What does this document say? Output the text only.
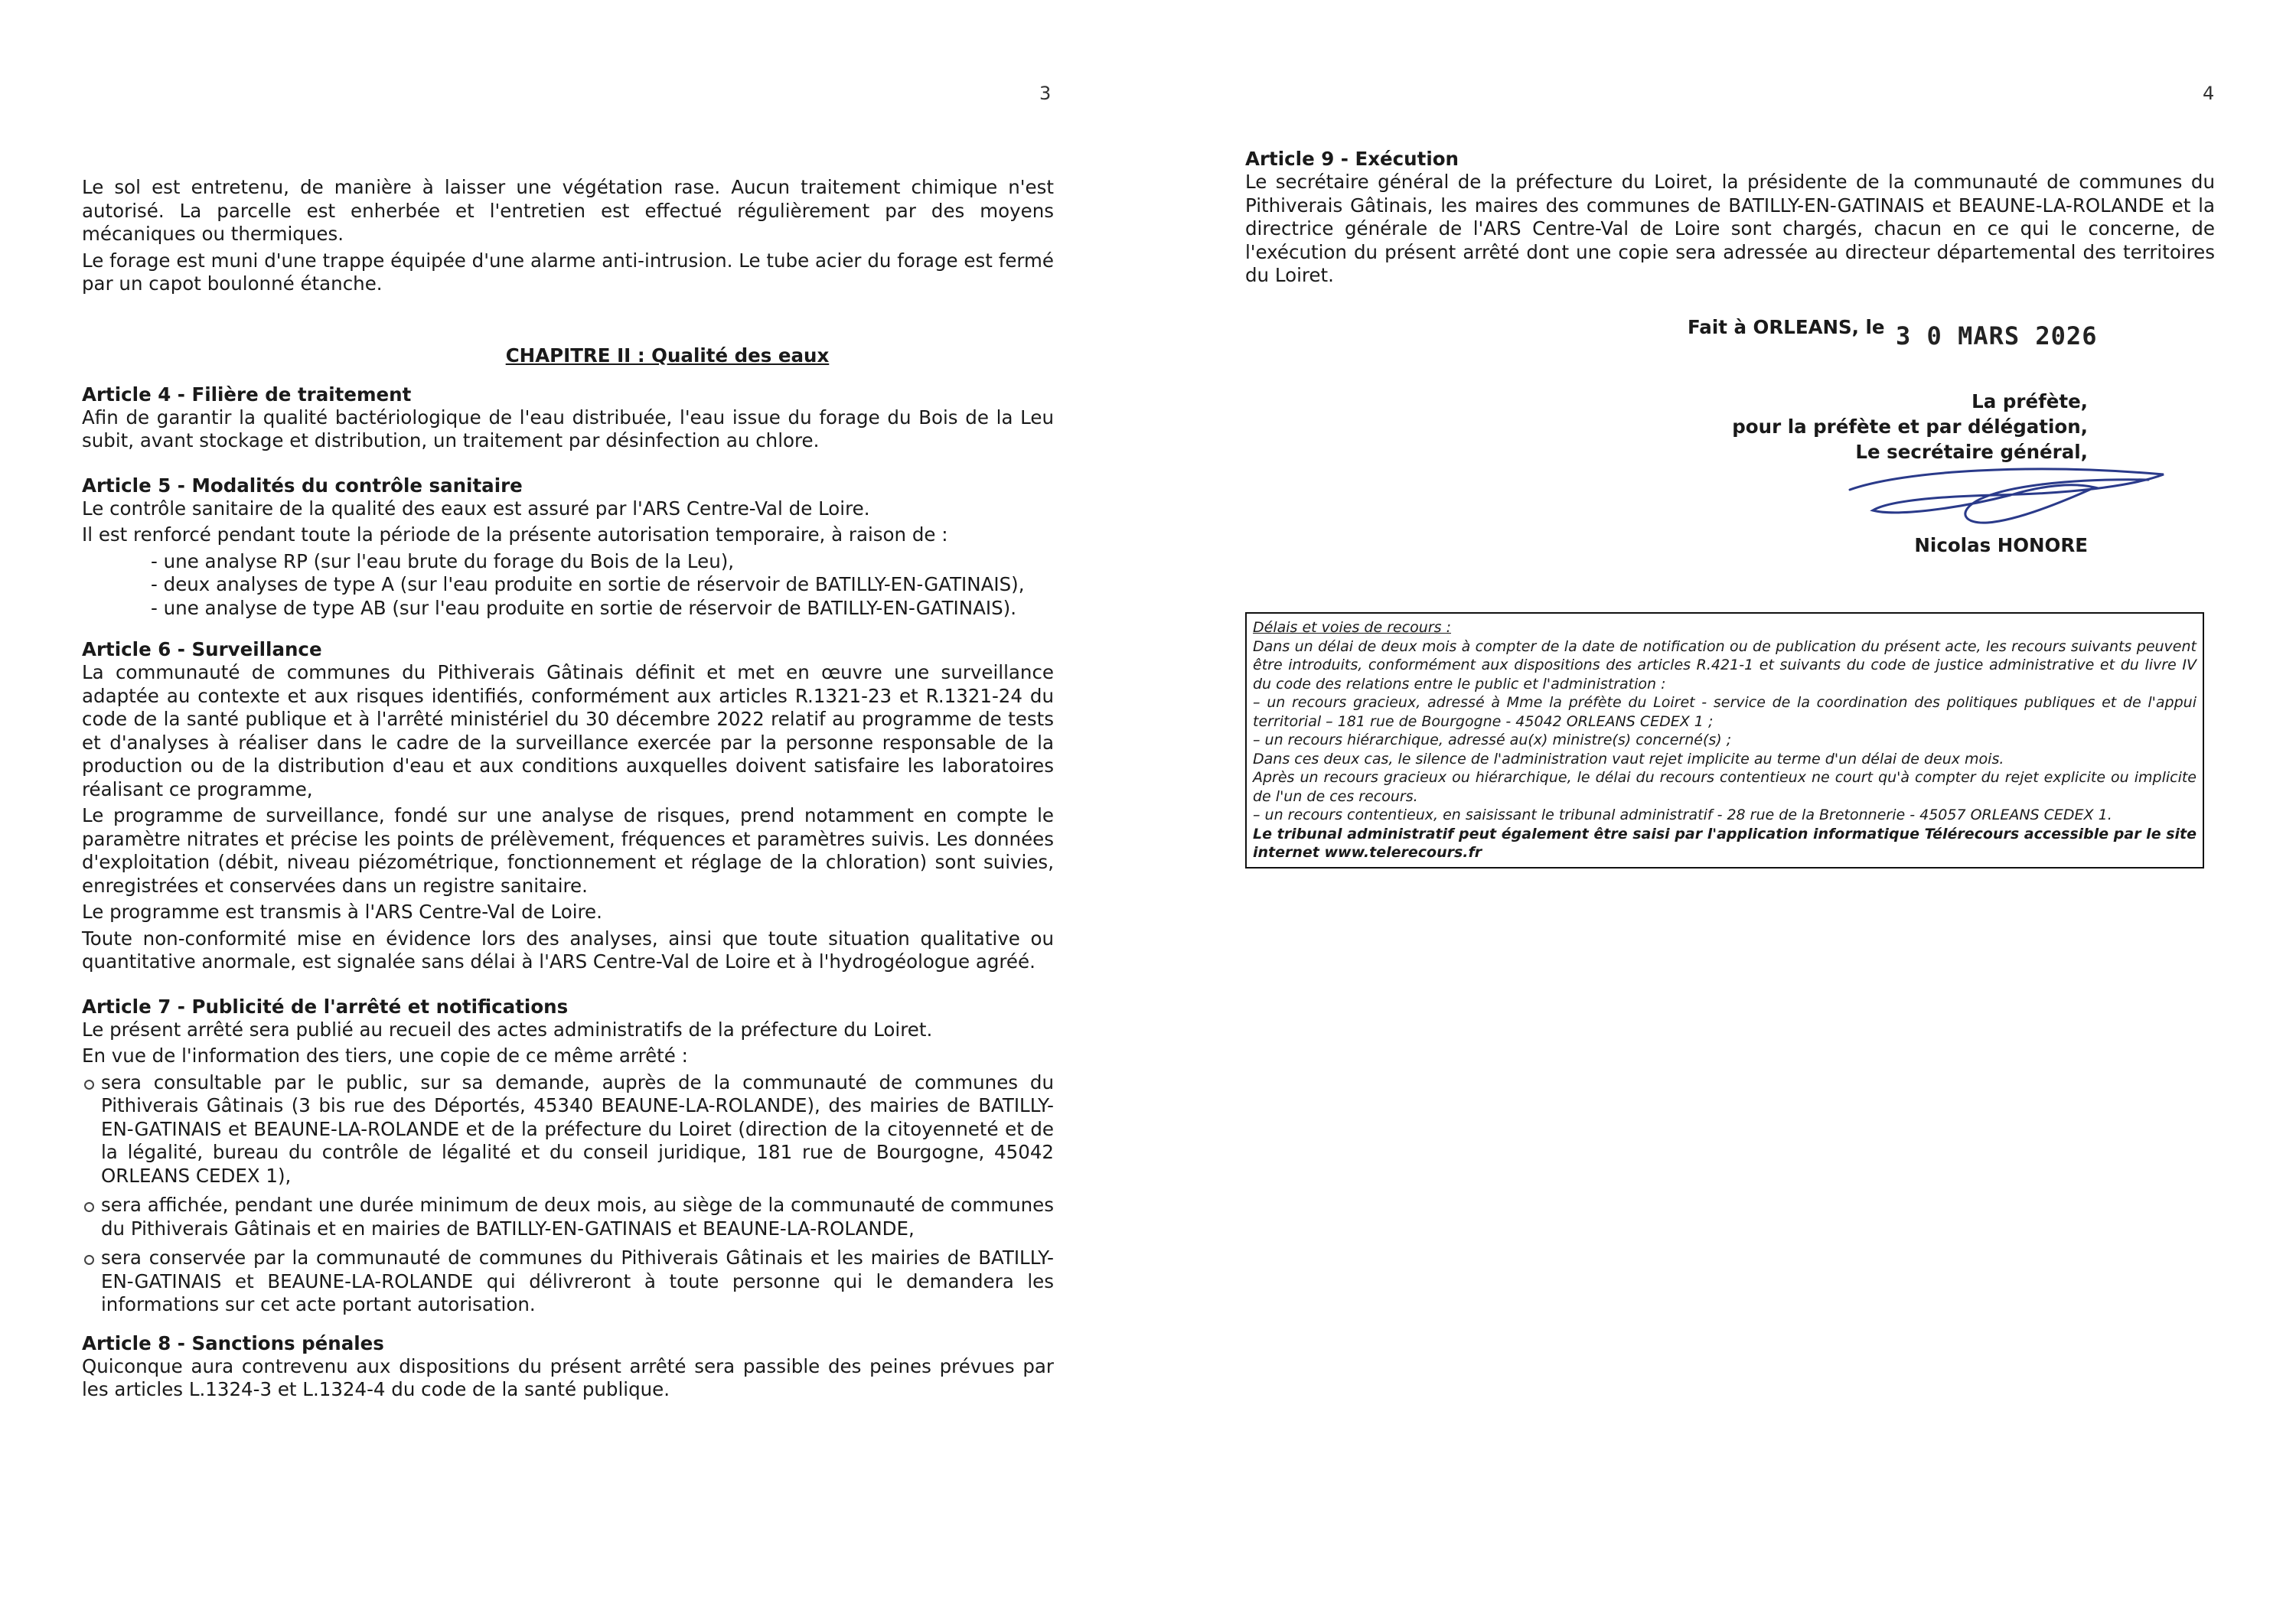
3

Le sol est entretenu, de manière à laisser une végétation rase. Aucun traitement chimique n'est autorisé. La parcelle est enherbée et l'entretien est effectué régulièrement par des moyens mécaniques ou thermiques.

Le forage est muni d'une trappe équipée d'une alarme anti-intrusion. Le tube acier du forage est fermé par un capot boulonné étanche.

CHAPITRE II : Qualité des eaux

Article 4 - Filière de traitement

Afin de garantir la qualité bactériologique de l'eau distribuée, l'eau issue du forage du Bois de la Leu subit, avant stockage et distribution, un traitement par désinfection au chlore.

Article 5 - Modalités du contrôle sanitaire

Le contrôle sanitaire de la qualité des eaux est assuré par l'ARS Centre-Val de Loire.

Il est renforcé pendant toute la période de la présente autorisation temporaire, à raison de :

- une analyse RP (sur l'eau brute du forage du Bois de la Leu),
- deux analyses de type A (sur l'eau produite en sortie de réservoir de BATILLY-EN-GATINAIS),
- une analyse de type AB (sur l'eau produite en sortie de réservoir de BATILLY-EN-GATINAIS).

Article 6 - Surveillance

La communauté de communes du Pithiverais Gâtinais définit et met en œuvre une surveillance adaptée au contexte et aux risques identifiés, conformément aux articles R.1321-23 et R.1321-24 du code de la santé publique et à l'arrêté ministériel du 30 décembre 2022 relatif au programme de tests et d'analyses à réaliser dans le cadre de la surveillance exercée par la personne responsable de la production ou de la distribution d'eau et aux conditions auxquelles doivent satisfaire les laboratoires réalisant ce programme,

Le programme de surveillance, fondé sur une analyse de risques, prend notamment en compte le paramètre nitrates et précise les points de prélèvement, fréquences et paramètres suivis. Les données d'exploitation (débit, niveau piézométrique, fonctionnement et réglage de la chloration) sont suivies, enregistrées et conservées dans un registre sanitaire.

Le programme est transmis à l'ARS Centre-Val de Loire.

Toute non-conformité mise en évidence lors des analyses, ainsi que toute situation qualitative ou quantitative anormale, est signalée sans délai à l'ARS Centre-Val de Loire et à l'hydrogéologue agréé.

Article 7 - Publicité de l'arrêté et notifications

Le présent arrêté sera publié au recueil des actes administratifs de la préfecture du Loiret.

En vue de l'information des tiers, une copie de ce même arrêté :

sera consultable par le public, sur sa demande, auprès de la communauté de communes du Pithiverais Gâtinais (3 bis rue des Déportés, 45340 BEAUNE-LA-ROLANDE), des mairies de BATILLY-EN-GATINAIS et BEAUNE-LA-ROLANDE et de la préfecture du Loiret (direction de la citoyenneté et de la légalité, bureau du contrôle de légalité et du conseil juridique, 181 rue de Bourgogne, 45042 ORLEANS CEDEX 1),
sera affichée, pendant une durée minimum de deux mois, au siège de la communauté de communes du Pithiverais Gâtinais et en mairies de BATILLY-EN-GATINAIS et BEAUNE-LA-ROLANDE,
sera conservée par la communauté de communes du Pithiverais Gâtinais et les mairies de BATILLY-EN-GATINAIS et BEAUNE-LA-ROLANDE qui délivreront à toute personne qui le demandera les informations sur cet acte portant autorisation.

Article 8 - Sanctions pénales

Quiconque aura contrevenu aux dispositions du présent arrêté sera passible des peines prévues par les articles L.1324-3 et L.1324-4 du code de la santé publique.

4

Article 9 - Exécution

Le secrétaire général de la préfecture du Loiret, la présidente de la communauté de communes du Pithiverais Gâtinais, les maires des communes de BATILLY-EN-GATINAIS et BEAUNE-LA-ROLANDE et la directrice générale de l'ARS Centre-Val de Loire sont chargés, chacun en ce qui le concerne, de l'exécution du présent arrêté dont une copie sera adressée au directeur départemental des territoires du Loiret.

Fait à ORLEANS, le 3 0 MARS 2026
La préfète,
pour la préfète et par délégation,
Le secrétaire général,
Nicolas HONORE

Délais et voies de recours :

Dans un délai de deux mois à compter de la date de notification ou de publication du présent acte, les recours suivants peuvent être introduits, conformément aux dispositions des articles R.421-1 et suivants du code de justice administrative et du livre IV du code des relations entre le public et l'administration :

– un recours gracieux, adressé à Mme la préfète du Loiret - service de la coordination des politiques publiques et de l'appui territorial – 181 rue de Bourgogne - 45042 ORLEANS CEDEX 1 ;

– un recours hiérarchique, adressé au(x) ministre(s) concerné(s) ;

Dans ces deux cas, le silence de l'administration vaut rejet implicite au terme d'un délai de deux mois.

Après un recours gracieux ou hiérarchique, le délai du recours contentieux ne court qu'à compter du rejet explicite ou implicite de l'un de ces recours.

– un recours contentieux, en saisissant le tribunal administratif - 28 rue de la Bretonnerie - 45057 ORLEANS CEDEX 1.

Le tribunal administratif peut également être saisi par l'application informatique Télérecours accessible par le site internet www.telerecours.fr
